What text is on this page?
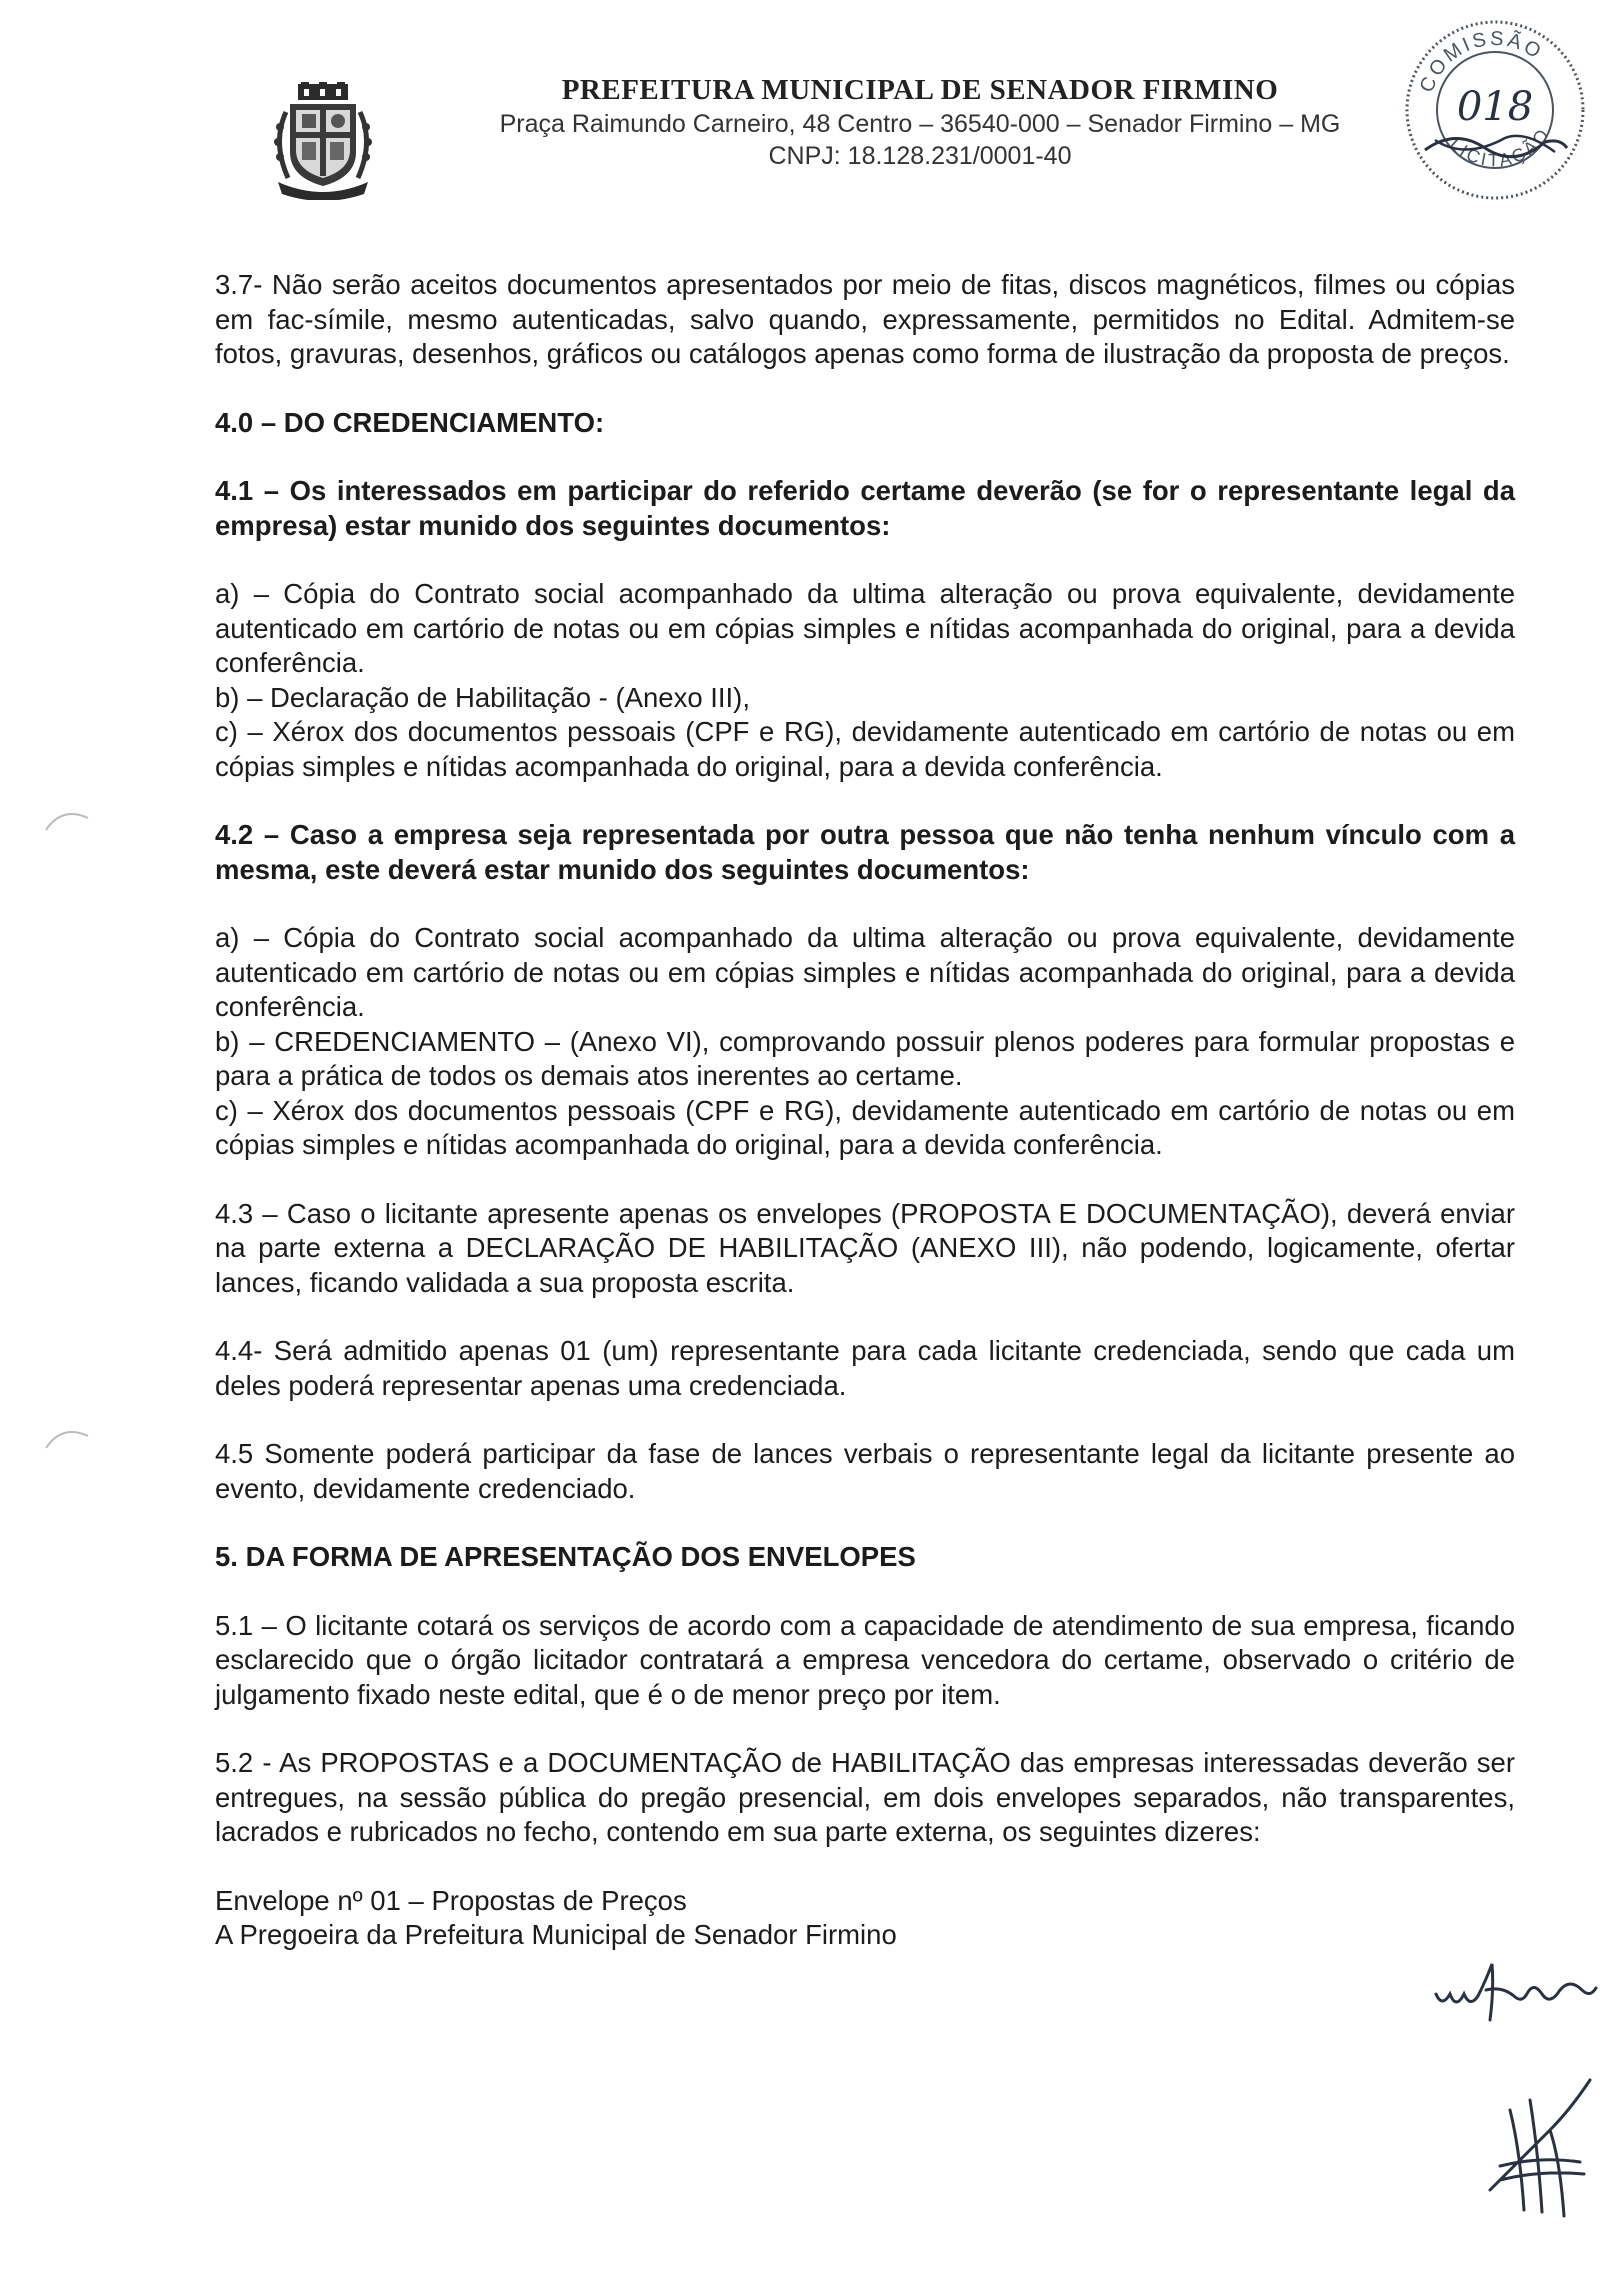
PREFEITURA MUNICIPAL DE SENADOR FIRMINO
Praça Raimundo Carneiro, 48 Centro – 36540-000 – Senador Firmino – MG
CNPJ: 18.128.231/0001-40
COMISSÃO
LICITAÇÃO
018

3.7- Não serão aceitos documentos apresentados por meio de fitas, discos magnéticos, filmes ou cópias em fac-símile, mesmo autenticadas, salvo quando, expressamente, permitidos no Edital. Admitem-se fotos, gravuras, desenhos, gráficos ou catálogos apenas como forma de ilustração da proposta de preços.

4.0 – DO CREDENCIAMENTO:

4.1 – Os interessados em participar do referido certame deverão (se for o representante legal da empresa) estar munido dos seguintes documentos:

a) – Cópia do Contrato social acompanhado da ultima alteração ou prova equivalente, devidamente autenticado em cartório de notas ou em cópias simples e nítidas acompanhada do original, para a devida conferência.

b) – Declaração de Habilitação - (Anexo III),

c) – Xérox dos documentos pessoais (CPF e RG), devidamente autenticado em cartório de notas ou em cópias simples e nítidas acompanhada do original, para a devida conferência.

4.2 – Caso a empresa seja representada por outra pessoa que não tenha nenhum vínculo com a mesma, este deverá estar munido dos seguintes documentos:

a) – Cópia do Contrato social acompanhado da ultima alteração ou prova equivalente, devidamente autenticado em cartório de notas ou em cópias simples e nítidas acompanhada do original, para a devida conferência.

b) – CREDENCIAMENTO – (Anexo VI), comprovando possuir plenos poderes para formular propostas e para a prática de todos os demais atos inerentes ao certame.

c) – Xérox dos documentos pessoais (CPF e RG), devidamente autenticado em cartório de notas ou em cópias simples e nítidas acompanhada do original, para a devida conferência.

4.3 – Caso o licitante apresente apenas os envelopes (PROPOSTA E DOCUMENTAÇÃO), deverá enviar na parte externa a DECLARAÇÃO DE HABILITAÇÃO (ANEXO III), não podendo, logicamente, ofertar lances, ficando validada a sua proposta escrita.

4.4- Será admitido apenas 01 (um) representante para cada licitante credenciada, sendo que cada um deles poderá representar apenas uma credenciada.

4.5 Somente poderá participar da fase de lances verbais o representante legal da licitante presente ao evento, devidamente credenciado.

5. DA FORMA DE APRESENTAÇÃO DOS ENVELOPES

5.1 – O licitante cotará os serviços de acordo com a capacidade de atendimento de sua empresa, ficando esclarecido que o órgão licitador contratará a empresa vencedora do certame, observado o critério de julgamento fixado neste edital, que é o de menor preço por item.

5.2 - As PROPOSTAS e a DOCUMENTAÇÃO de HABILITAÇÃO das empresas interessadas deverão ser entregues, na sessão pública do pregão presencial, em dois envelopes separados, não transparentes, lacrados e rubricados no fecho, contendo em sua parte externa, os seguintes dizeres:

Envelope nº 01 – Propostas de Preços

A Pregoeira da Prefeitura Municipal de Senador Firmino
